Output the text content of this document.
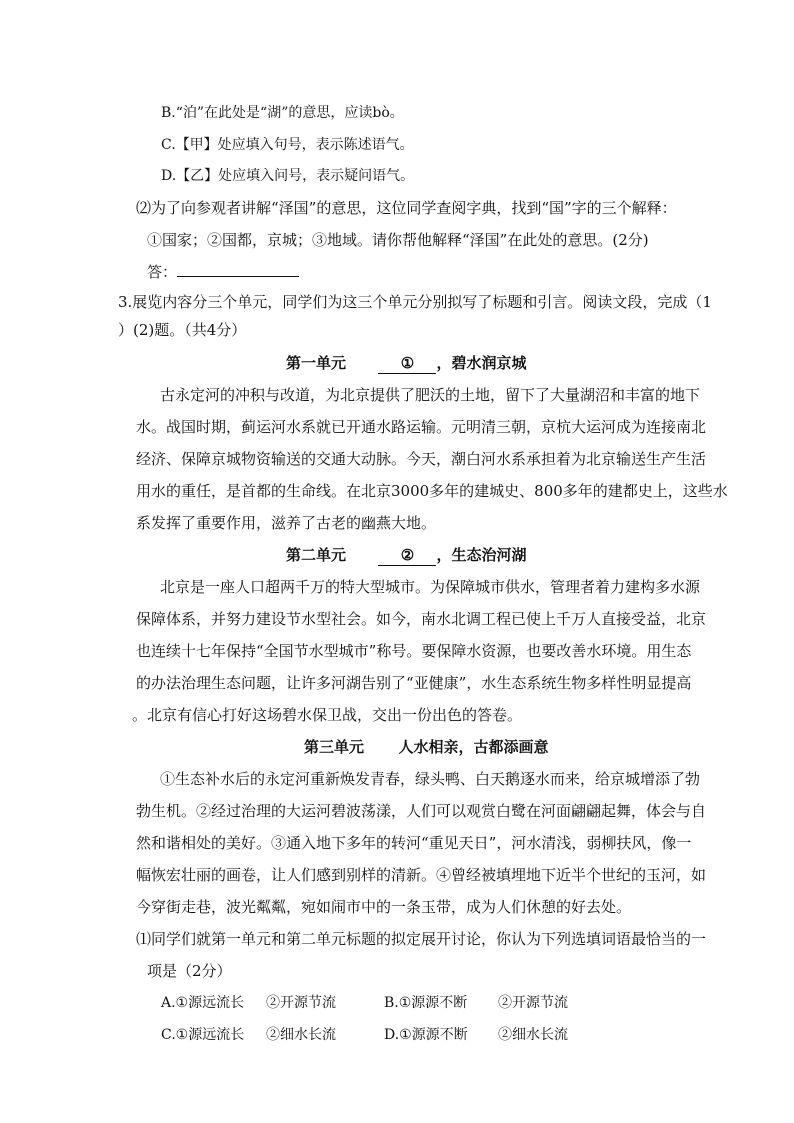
B.“泊”在此处是“湖”的意思，应读bò。
C.【甲】处应填入句号，表示陈述语气。
D.【乙】处应填入问号，表示疑问语气。
⑵为了向参观者讲解“泽国”的意思，这位同学查阅字典，找到“国”字的三个解释：
①国家；②国都，京城；③地域。请你帮他解释“泽国”在此处的意思。(2分)
答：
3.展览内容分三个单元，同学们为这三个单元分别拟写了标题和引言。阅读文段，完成（1
）(2)题。（共4分）
第一单元	① ，碧水润京城
古永定河的冲积与改道，为北京提供了肥沃的土地，留下了大量湖沼和丰富的地下
水。战国时期，蓟运河水系就已开通水路运输。元明清三朝，京杭大运河成为连接南北
经济、保障京城物资输送的交通大动脉。今天，潮白河水系承担着为北京输送生产生活
用水的重任，是首都的生命线。在北京3000多年的建城史、800多年的建都史上，这些水
系发挥了重要作用，滋养了古老的幽燕大地。
第二单元	② ，生态治河湖
北京是一座人口超两千万的特大型城市。为保障城市供水，管理者着力建构多水源
保障体系，并努力建设节水型社会。如今，南水北调工程已使上千万人直接受益，北京
也连续十七年保持“全国节水型城市”称号。要保障水资源，也要改善水环境。用生态
的办法治理生态问题，让许多河湖告别了“亚健康”，水生态系统生物多样性明显提高
。北京有信心打好这场碧水保卫战，交出一份出色的答卷。
第三单元 人水相亲，古都添画意
①生态补水后的永定河重新焕发青春，绿头鸭、白天鹅逐水而来，给京城增添了勃
勃生机。②经过治理的大运河碧波荡漾，人们可以观赏白鹭在河面翩翩起舞，体会与自
然和谐相处的美好。③通入地下多年的转河“重见天日”，河水清浅，弱柳扶风，像一
幅恢宏壮丽的画卷，让人们感到别样的清新。④曾经被填埋地下近半个世纪的玉河，如
今穿街走巷，波光粼粼，宛如闹市中的一条玉带，成为人们休憩的好去处。
⑴同学们就第一单元和第二单元标题的拟定展开讨论，你认为下列选填词语最恰当的一
项是（2分）
A.①源远流长 ②开源节流	B.①源源不断 ②开源节流
C.①源远流长 ②细水长流	D.①源源不断 ②细水长流
